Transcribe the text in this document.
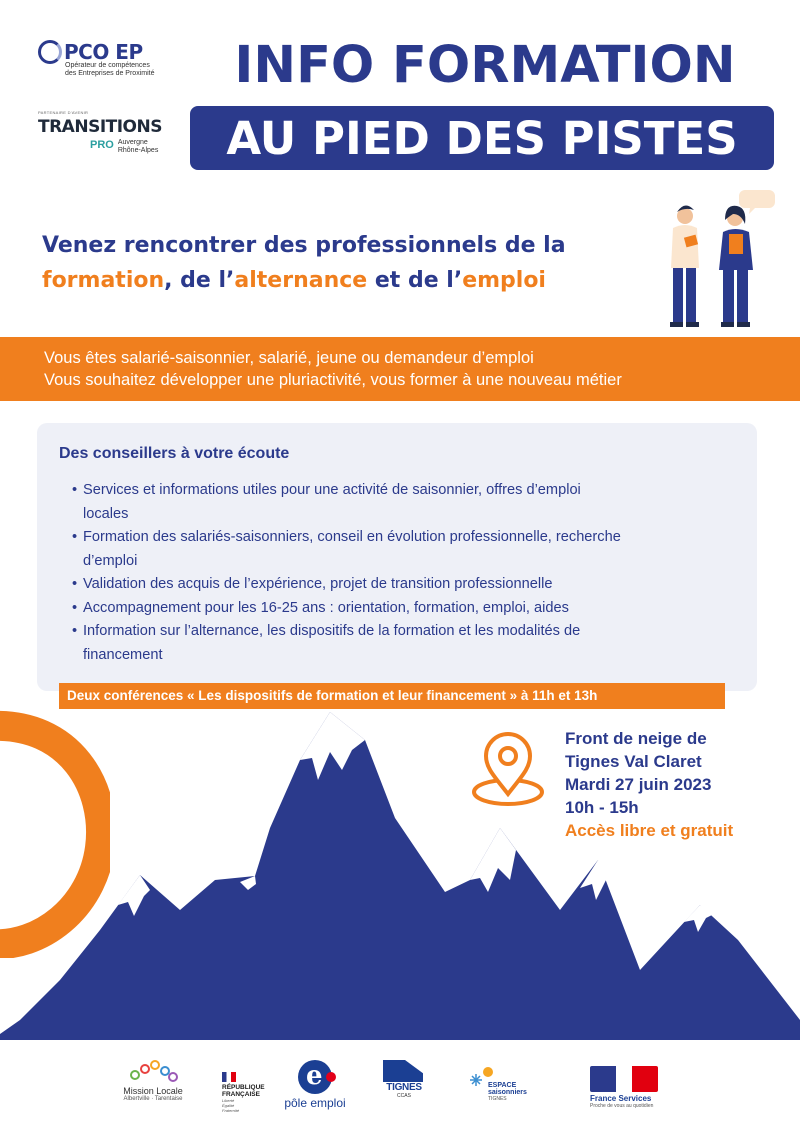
PCO EP
Opérateur de compétences
des Entreprises de Proximité
PARTENAIRE D'AVENIR
TRANSITIONS
PRO Auvergne
Rhône-Alpes
INFO FORMATION
AU PIED DES PISTES
Venez rencontrer des professionnels de la
formation, de l’alternance et de l’emploi

Vous êtes salarié-saisonnier, salarié, jeune ou demandeur d’emploi

Vous souhaitez développer une pluriactivité, vous former à une nouveau métier

Des conseillers à votre écoute
• Services et informations utiles pour une activité de saisonnier, offres d’emploi
locales
• Formation des salariés-saisonniers, conseil en évolution professionnelle, recherche
d’emploi
• Validation des acquis de l’expérience, projet de transition professionnelle
• Accompagnement pour les 16-25 ans : orientation, formation, emploi, aides
• Information sur l’alternance, les dispositifs de la formation et les modalités de
financement
Deux conférences « Les dispositifs de formation et leur financement » à 11h et 13h
Front de neige de
Tignes Val Claret
Mardi 27 juin 2023
10h - 15h
Accès libre et gratuit
Mission Locale
Albertville · Tarentaise
RÉPUBLIQUE
FRANÇAISE
Liberté
Égalité
Fraternité
e
pôle emploi
TIGNES
CCAS
ESPACE
saisonniers
TIGNES	France Services
Proche de vous au quotidien
